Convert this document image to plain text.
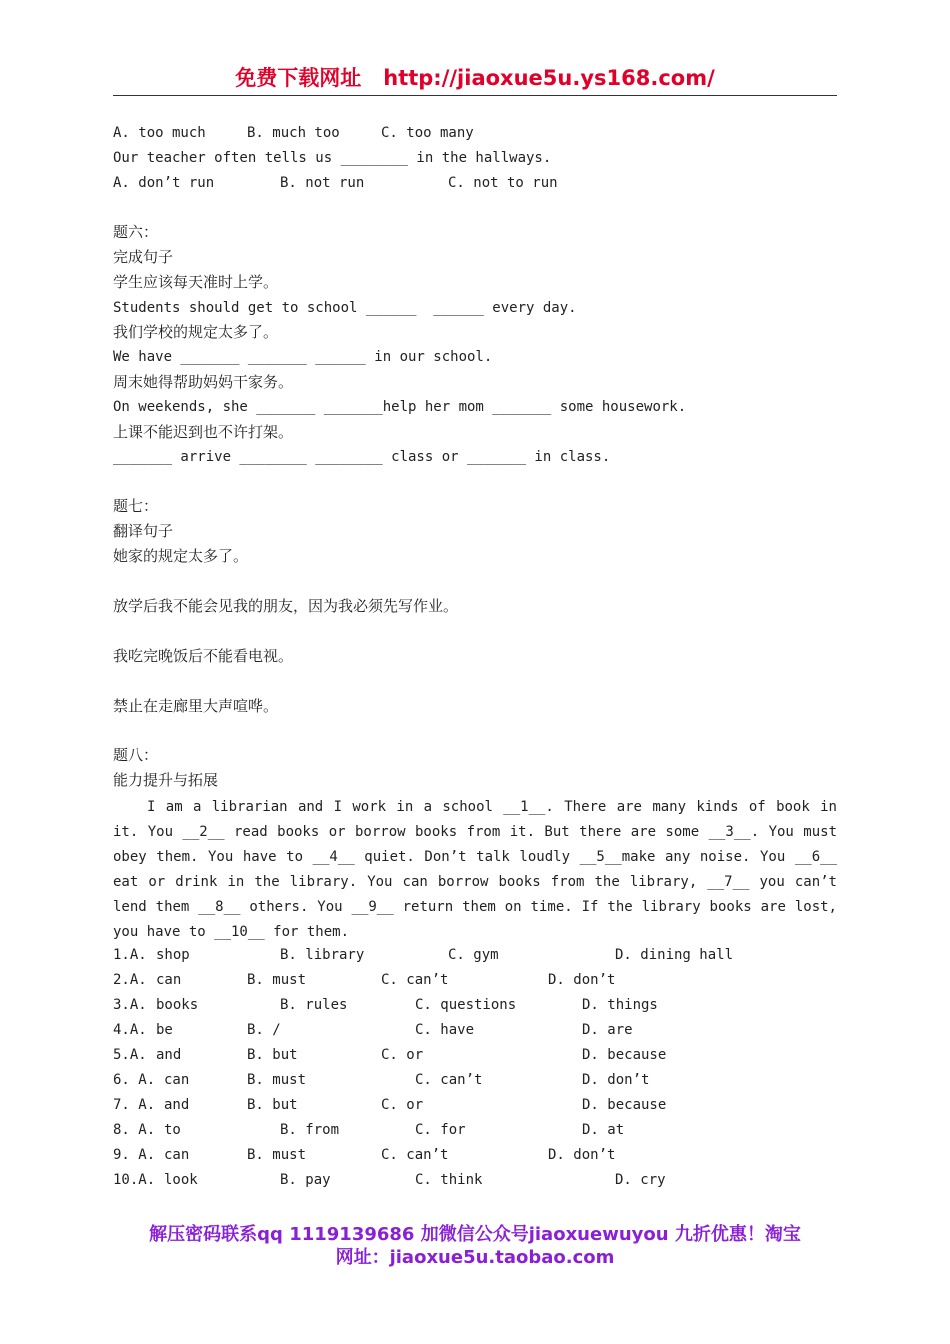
免费下载网址 http://jiaoxue5u.ys168.com/
A. too much	B. much too	C. too many
Our teacher often tells us ________ in the hallways.
A. don’t run	B. not run	C. not to run
题六：
完成句子
学生应该每天准时上学。
Students should get to school ______  ______ every day.
我们学校的规定太多了。
We have _______ _______ ______ in our school.
周末她得帮助妈妈干家务。
On weekends, she _______ _______help her mom _______ some housework.
上课不能迟到也不许打架。
_______ arrive ________ ________ class or _______ in class.
题七：
翻译句子
她家的规定太多了。
放学后我不能会见我的朋友，因为我必须先写作业。
我吃完晚饭后不能看电视。
禁止在走廊里大声喧哗。
题八：
能力提升与拓展
I am a librarian and I work in a school __1__. There are many kinds of book in it. You __2__ read books or borrow books from it. But there are some __3__. You must obey them. You have to __4__ quiet. Don’t talk loudly __5__make any noise. You __6__ eat or drink in the library. You can borrow books from the library, __7__ you can’t lend them __8__ others. You __9__ return them on time. If the library books are lost, you have to __10__ for them.
1.A. shop	B. library	C. gym	D. dining hall
2.A. can	B. must	C. can’t	D. don’t
3.A. books	B. rules	C. questions	D. things
4.A. be	B. /	C. have	D. are
5.A. and	B. but	C. or	D. because
6. A. can	B. must	C. can’t	D. don’t
7. A. and	B. but	C. or	D. because
8. A. to	B. from	C. for	D. at
9. A. can	B. must	C. can’t	D. don’t
10.A. look	B. pay	C. think	D. cry
解压密码联系qq 1119139686 加微信公众号jiaoxuewuyou 九折优惠！淘宝
网址：jiaoxue5u.taobao.com
